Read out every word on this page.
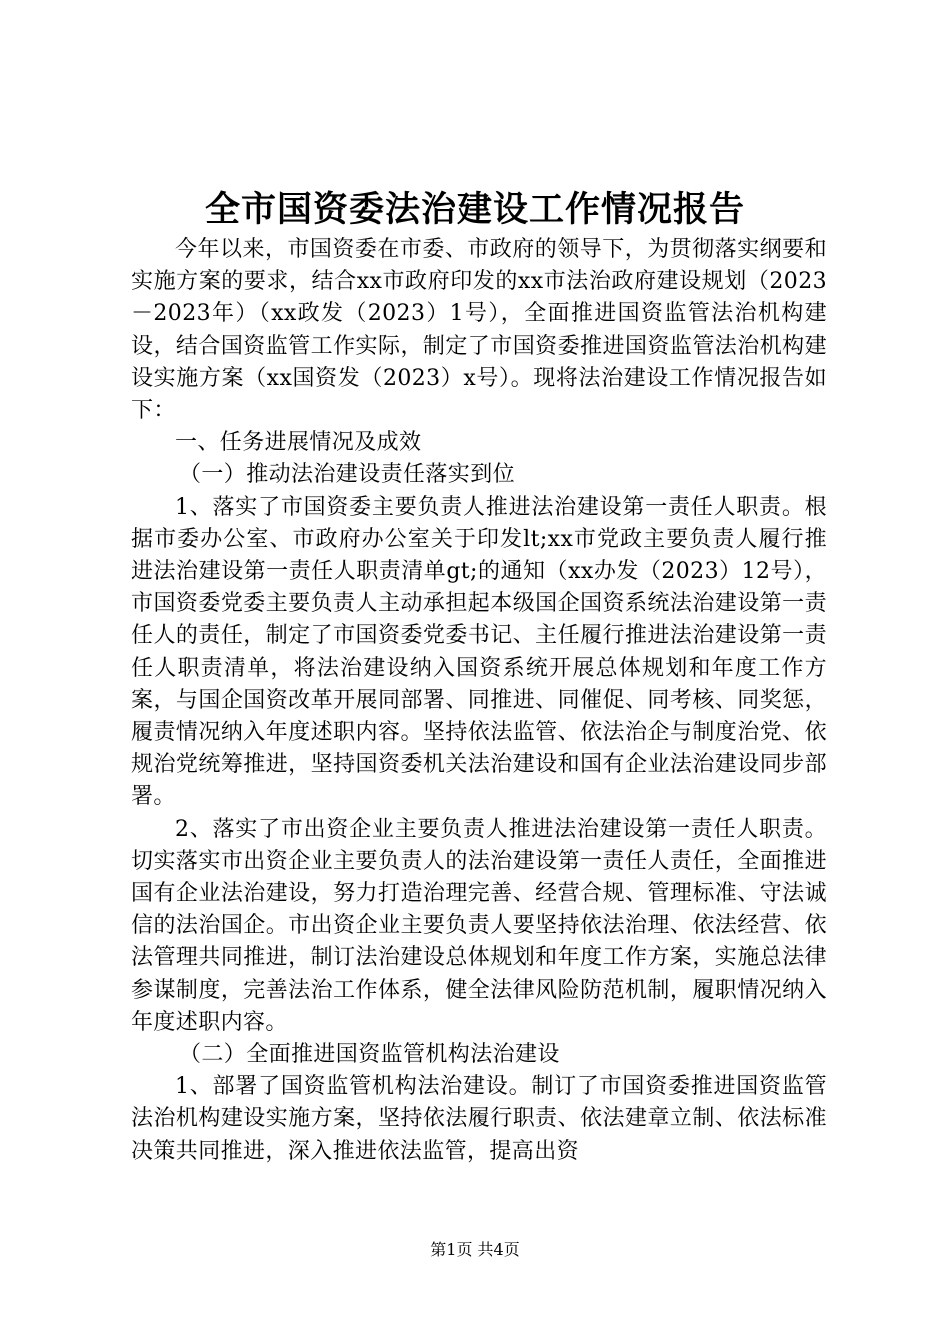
全市国资委法治建设工作情况报告

今年以来，市国资委在市委、市政府的领导下，为贯彻落实纲要和实施方案的要求，结合xx市政府印发的xx市法治政府建设规划（2023－2023年）（xx政发（2023）1号），全面推进国资监管法治机构建设，结合国资监管工作实际，制定了市国资委推进国资监管法治机构建设实施方案（xx国资发（2023）x号）。现将法治建设工作情况报告如下：

一、任务进展情况及成效

（一）推动法治建设责任落实到位

1、落实了市国资委主要负责人推进法治建设第一责任人职责。根据市委办公室、市政府办公室关于印发lt;xx市党政主要负责人履行推进法治建设第一责任人职责清单gt;的通知（xx办发（2023）12号），市国资委党委主要负责人主动承担起本级国企国资系统法治建设第一责任人的责任，制定了市国资委党委书记、主任履行推进法治建设第一责任人职责清单，将法治建设纳入国资系统开展总体规划和年度工作方案，与国企国资改革开展同部署、同推进、同催促、同考核、同奖惩，履责情况纳入年度述职内容。坚持依法监管、依法治企与制度治党、依规治党统筹推进，坚持国资委机关法治建设和国有企业法治建设同步部署。

2、落实了市出资企业主要负责人推进法治建设第一责任人职责。切实落实市出资企业主要负责人的法治建设第一责任人责任，全面推进国有企业法治建设，努力打造治理完善、经营合规、管理标准、守法诚信的法治国企。市出资企业主要负责人要坚持依法治理、依法经营、依法管理共同推进，制订法治建设总体规划和年度工作方案，实施总法律参谋制度，完善法治工作体系，健全法律风险防范机制，履职情况纳入年度述职内容。

（二）全面推进国资监管机构法治建设

1、部署了国资监管机构法治建设。制订了市国资委推进国资监管法治机构建设实施方案，坚持依法履行职责、依法建章立制、依法标准决策共同推进，深入推进依法监管，提高出资

第1页 共4页
